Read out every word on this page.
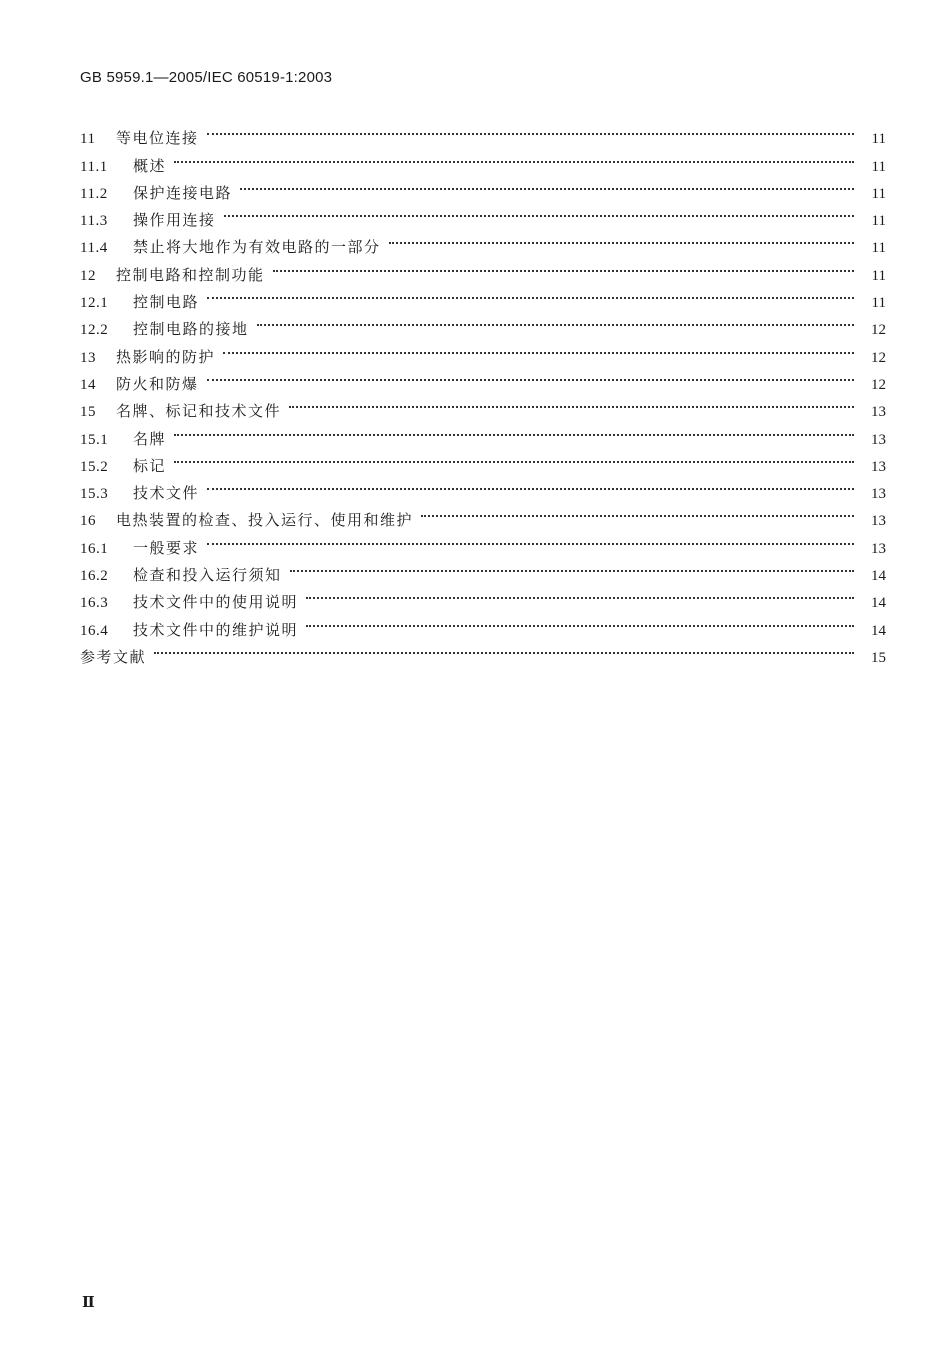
GB 5959.1—2005/IEC 60519-1:2003
11	等电位连接	11
11.1	概述	11
11.2	保护连接电路	11
11.3	操作用连接	11
11.4	禁止将大地作为有效电路的一部分	11
12	控制电路和控制功能	11
12.1	控制电路	11
12.2	控制电路的接地	12
13	热影响的防护	12
14	防火和防爆	12
15	名牌、标记和技术文件	13
15.1	名牌	13
15.2	标记	13
15.3	技术文件	13
16	电热装置的检查、投入运行、使用和维护	13
16.1	一般要求	13
16.2	检查和投入运行须知	14
16.3	技术文件中的使用说明	14
16.4	技术文件中的维护说明	14
参考文献	15
Ⅱ
